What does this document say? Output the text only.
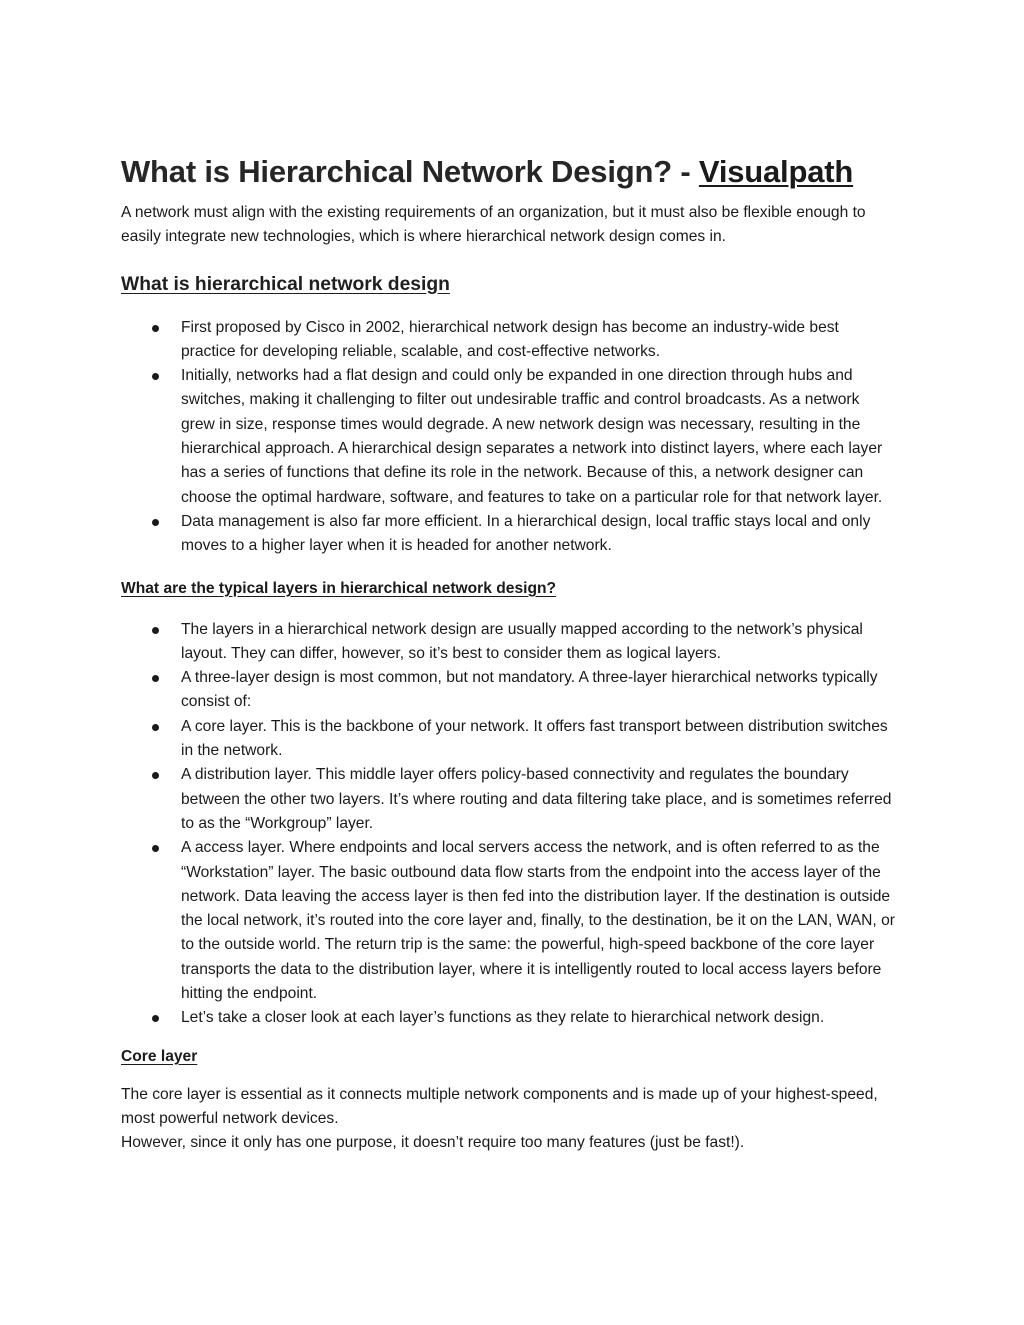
What is Hierarchical Network Design? - Visualpath

A network must align with the existing requirements of an organization, but it must also be flexible enough to easily integrate new technologies, which is where hierarchical network design comes in.

What is hierarchical network design
First proposed by Cisco in 2002, hierarchical network design has become an industry-wide best practice for developing reliable, scalable, and cost-effective networks.
Initially, networks had a flat design and could only be expanded in one direction through hubs and switches, making it challenging to filter out undesirable traffic and control broadcasts. As a network grew in size, response times would degrade. A new network design was necessary, resulting in the hierarchical approach. A hierarchical design separates a network into distinct layers, where each layer has a series of functions that define its role in the network. Because of this, a network designer can choose the optimal hardware, software, and features to take on a particular role for that network layer.
Data management is also far more efficient. In a hierarchical design, local traffic stays local and only moves to a higher layer when it is headed for another network.
What are the typical layers in hierarchical network design?
The layers in a hierarchical network design are usually mapped according to the network’s physical layout. They can differ, however, so it’s best to consider them as logical layers.
A three-layer design is most common, but not mandatory. A three-layer hierarchical networks typically consist of:
A core layer. This is the backbone of your network. It offers fast transport between distribution switches in the network.
A distribution layer. This middle layer offers policy-based connectivity and regulates the boundary between the other two layers. It’s where routing and data filtering take place, and is sometimes referred to as the “Workgroup” layer.
A access layer. Where endpoints and local servers access the network, and is often referred to as the “Workstation” layer. The basic outbound data flow starts from the endpoint into the access layer of the network. Data leaving the access layer is then fed into the distribution layer. If the destination is outside the local network, it’s routed into the core layer and, finally, to the destination, be it on the LAN, WAN, or to the outside world. The return trip is the same: the powerful, high-speed backbone of the core layer transports the data to the distribution layer, where it is intelligently routed to local access layers before hitting the endpoint.
Let’s take a closer look at each layer’s functions as they relate to hierarchical network design.
Core layer

The core layer is essential as it connects multiple network components and is made up of your highest-speed, most powerful network devices.

However, since it only has one purpose, it doesn’t require too many features (just be fast!).
